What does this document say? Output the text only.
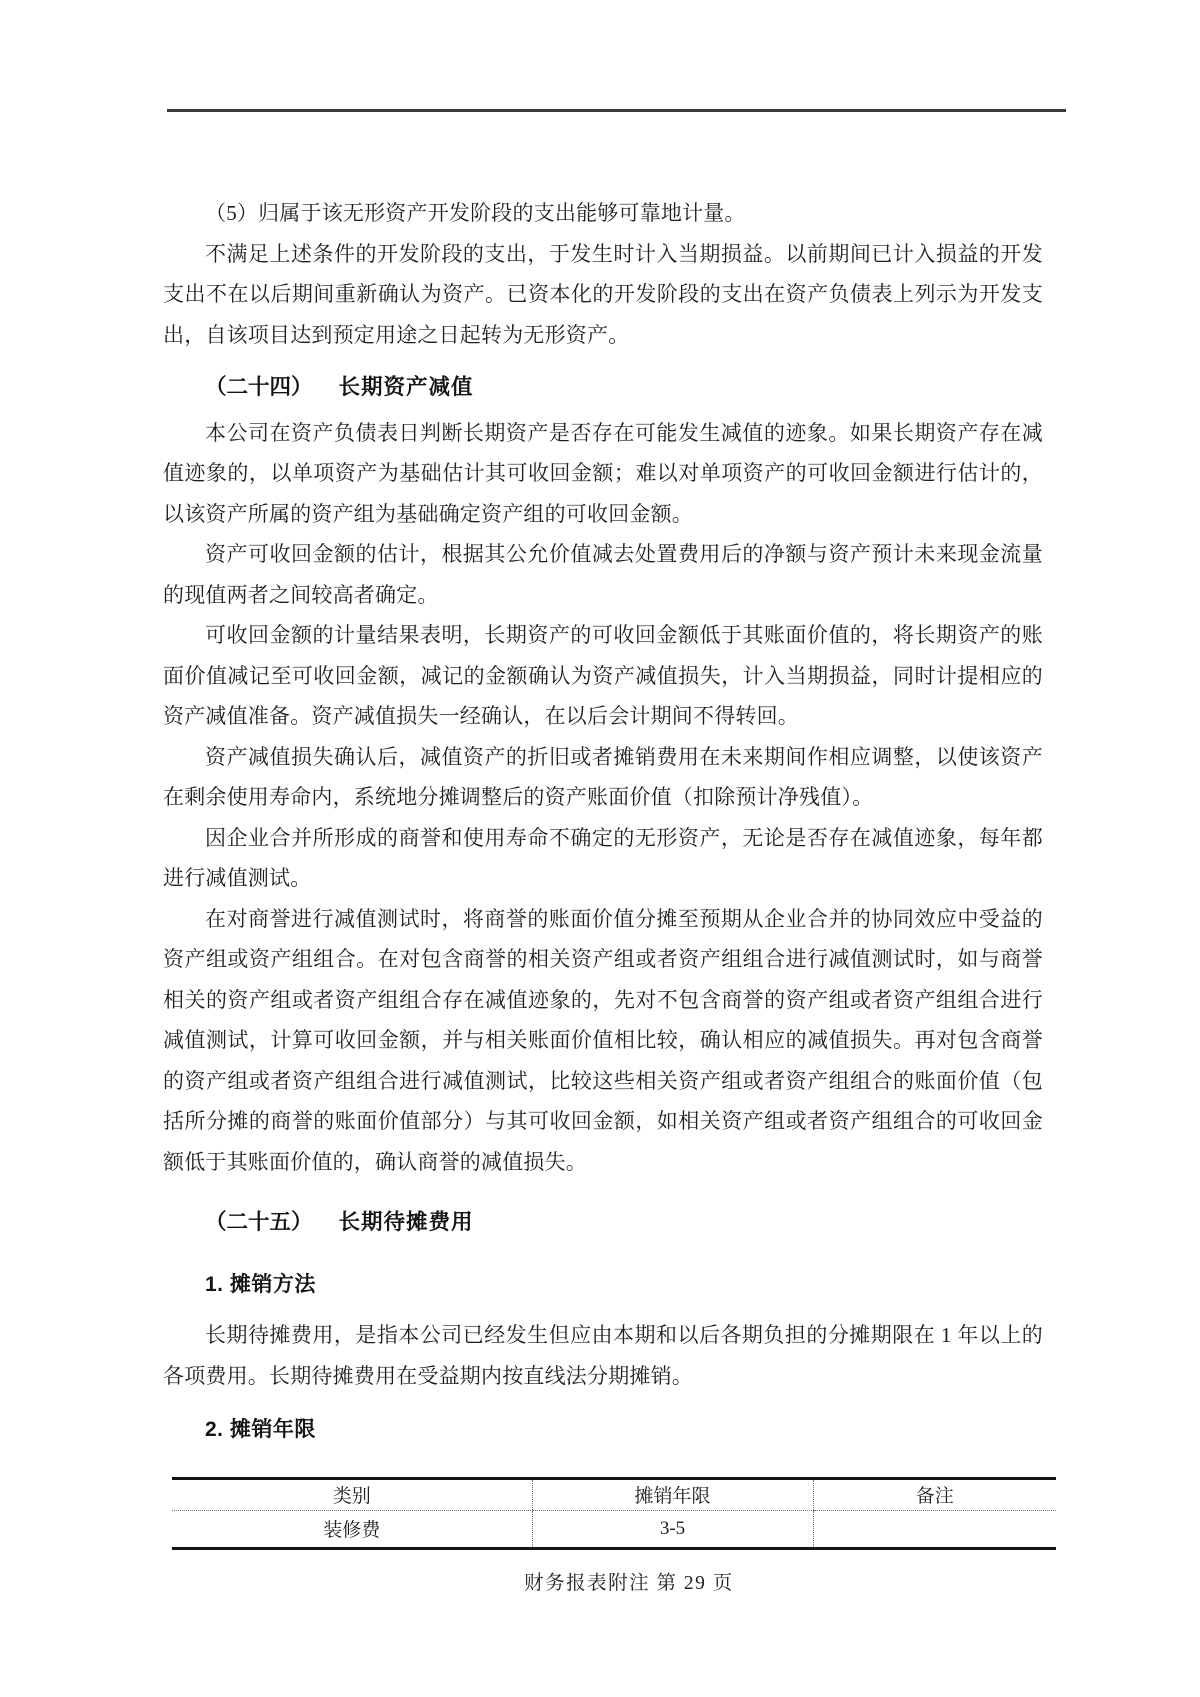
（5）归属于该无形资产开发阶段的支出能够可靠地计量。

不满足上述条件的开发阶段的支出，于发生时计入当期损益。以前期间已计入损益的开发支出不在以后期间重新确认为资产。已资本化的开发阶段的支出在资产负债表上列示为开发支出，自该项目达到预定用途之日起转为无形资产。

（二十四） 长期资产减值

本公司在资产负债表日判断长期资产是否存在可能发生减值的迹象。如果长期资产存在减值迹象的，以单项资产为基础估计其可收回金额；难以对单项资产的可收回金额进行估计的，以该资产所属的资产组为基础确定资产组的可收回金额。

资产可收回金额的估计，根据其公允价值减去处置费用后的净额与资产预计未来现金流量的现值两者之间较高者确定。

可收回金额的计量结果表明，长期资产的可收回金额低于其账面价值的，将长期资产的账面价值减记至可收回金额，减记的金额确认为资产减值损失，计入当期损益，同时计提相应的资产减值准备。资产减值损失一经确认，在以后会计期间不得转回。

资产减值损失确认后，减值资产的折旧或者摊销费用在未来期间作相应调整，以使该资产在剩余使用寿命内，系统地分摊调整后的资产账面价值（扣除预计净残值）。

因企业合并所形成的商誉和使用寿命不确定的无形资产，无论是否存在减值迹象，每年都进行减值测试。

在对商誉进行减值测试时，将商誉的账面价值分摊至预期从企业合并的协同效应中受益的资产组或资产组组合。在对包含商誉的相关资产组或者资产组组合进行减值测试时，如与商誉相关的资产组或者资产组组合存在减值迹象的，先对不包含商誉的资产组或者资产组组合进行减值测试，计算可收回金额，并与相关账面价值相比较，确认相应的减值损失。再对包含商誉的资产组或者资产组组合进行减值测试，比较这些相关资产组或者资产组组合的账面价值（包括所分摊的商誉的账面价值部分）与其可收回金额，如相关资产组或者资产组组合的可收回金额低于其账面价值的，确认商誉的减值损失。

（二十五） 长期待摊费用
1. 摊销方法

长期待摊费用，是指本公司已经发生但应由本期和以后各期负担的分摊期限在 1 年以上的各项费用。长期待摊费用在受益期内按直线法分期摊销。

2. 摊销年限
类别	摊销年限	备注
装修费	3-5	
财务报表附注 第 29 页
